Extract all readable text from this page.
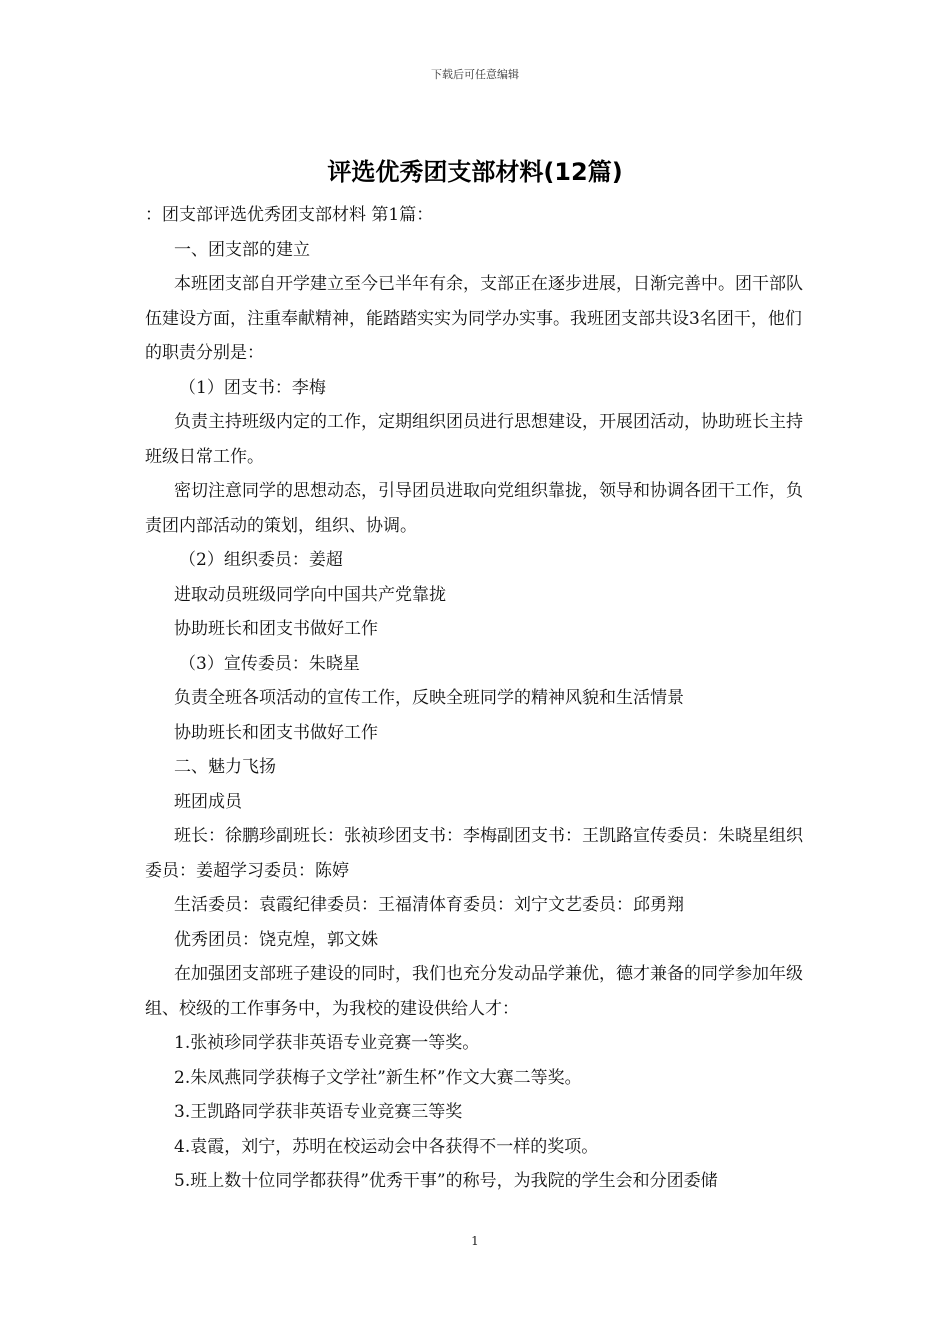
下载后可任意编辑
评选优秀团支部材料(12篇)

：团支部评选优秀团支部材料 第1篇：

一、团支部的建立

本班团支部自开学建立至今已半年有余，支部正在逐步进展，日渐完善中。团干部队伍建设方面，注重奉献精神，能踏踏实实为同学办实事。我班团支部共设3名团干，他们的职责分别是：

（1）团支书：李梅

负责主持班级内定的工作，定期组织团员进行思想建设，开展团活动，协助班长主持班级日常工作。

密切注意同学的思想动态，引导团员进取向党组织靠拢，领导和协调各团干工作，负责团内部活动的策划，组织、协调。

（2）组织委员：姜超

进取动员班级同学向中国共产党靠拢

协助班长和团支书做好工作

（3）宣传委员：朱晓星

负责全班各项活动的宣传工作，反映全班同学的精神风貌和生活情景

协助班长和团支书做好工作

二、魅力飞扬

班团成员

班长：徐鹏珍副班长：张祯珍团支书：李梅副团支书：王凯路宣传委员：朱晓星组织委员：姜超学习委员：陈婷

生活委员：袁霞纪律委员：王福清体育委员：刘宁文艺委员：邱勇翔

优秀团员：饶克煌，郭文姝

在加强团支部班子建设的同时，我们也充分发动品学兼优，德才兼备的同学参加年级组、校级的工作事务中，为我校的建设供给人才：

1.张祯珍同学获非英语专业竞赛一等奖。

2.朱凤燕同学获梅子文学社”新生杯”作文大赛二等奖。

3.王凯路同学获非英语专业竞赛三等奖

4.袁霞，刘宁，苏明在校运动会中各获得不一样的奖项。

5.班上数十位同学都获得”优秀干事”的称号，为我院的学生会和分团委储

1
